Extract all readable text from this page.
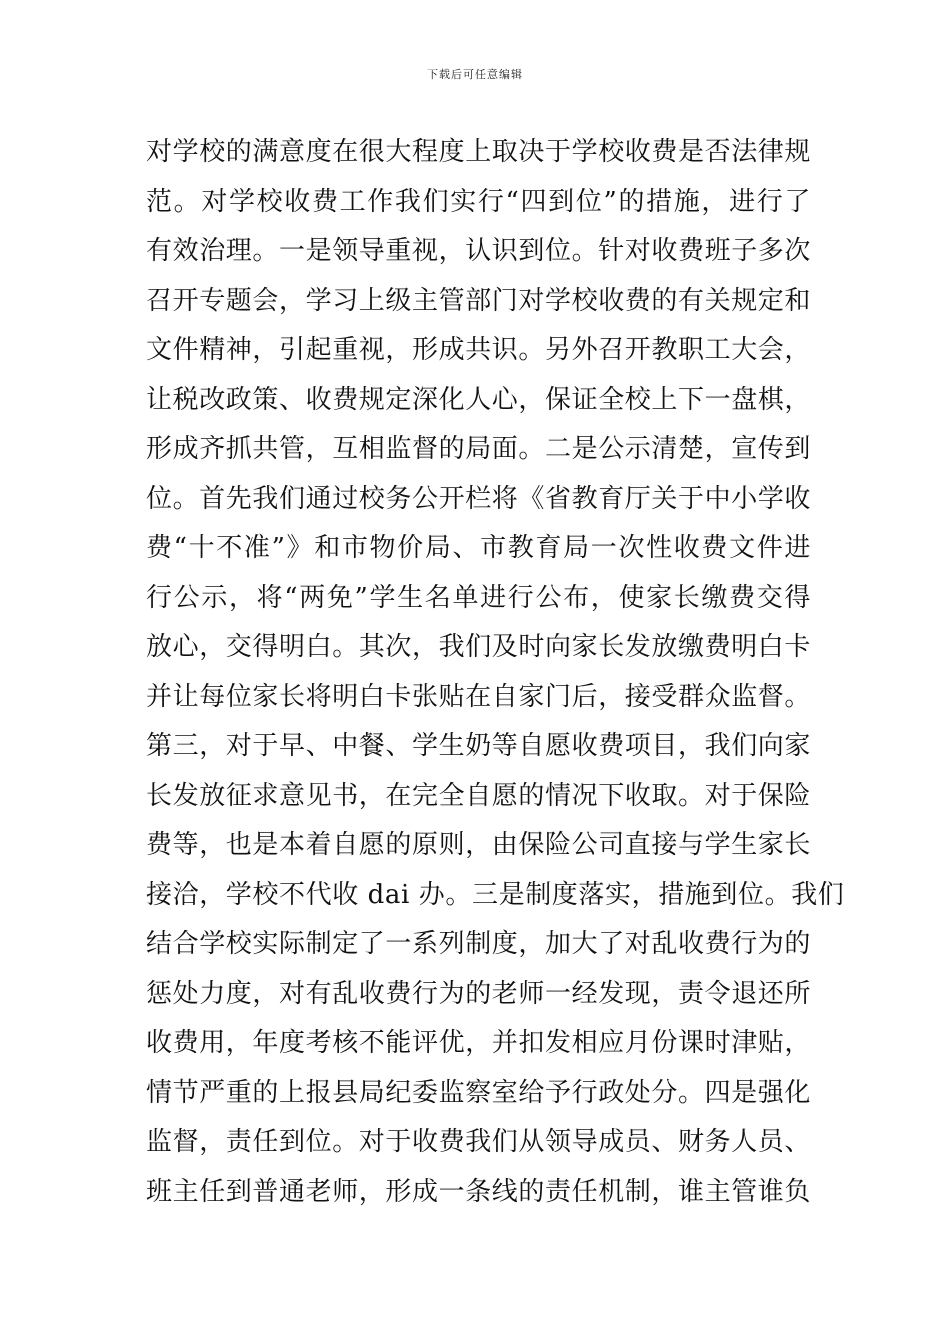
下载后可任意编辑
对学校的满意度在很大程度上取决于学校收费是否法律规
范。对学校收费工作我们实行“四到位”的措施，进行了
有效治理。一是领导重视，认识到位。针对收费班子多次
召开专题会，学习上级主管部门对学校收费的有关规定和
文件精神，引起重视，形成共识。另外召开教职工大会，
让税改政策、收费规定深化人心，保证全校上下一盘棋，
形成齐抓共管，互相监督的局面。二是公示清楚，宣传到
位。首先我们通过校务公开栏将《省教育厅关于中小学收
费“十不准”》和市物价局、市教育局一次性收费文件进
行公示，将“两免”学生名单进行公布，使家长缴费交得
放心，交得明白。其次，我们及时向家长发放缴费明白卡
并让每位家长将明白卡张贴在自家门后，接受群众监督。
第三，对于早、中餐、学生奶等自愿收费项目，我们向家
长发放征求意见书，在完全自愿的情况下收取。对于保险
费等，也是本着自愿的原则，由保险公司直接与学生家长
接洽，学校不代收 dai 办。三是制度落实，措施到位。我们
结合学校实际制定了一系列制度，加大了对乱收费行为的
惩处力度，对有乱收费行为的老师一经发现，责令退还所
收费用，年度考核不能评优，并扣发相应月份课时津贴，
情节严重的上报县局纪委监察室给予行政处分。四是强化
监督，责任到位。对于收费我们从领导成员、财务人员、
班主任到普通老师，形成一条线的责任机制，谁主管谁负
